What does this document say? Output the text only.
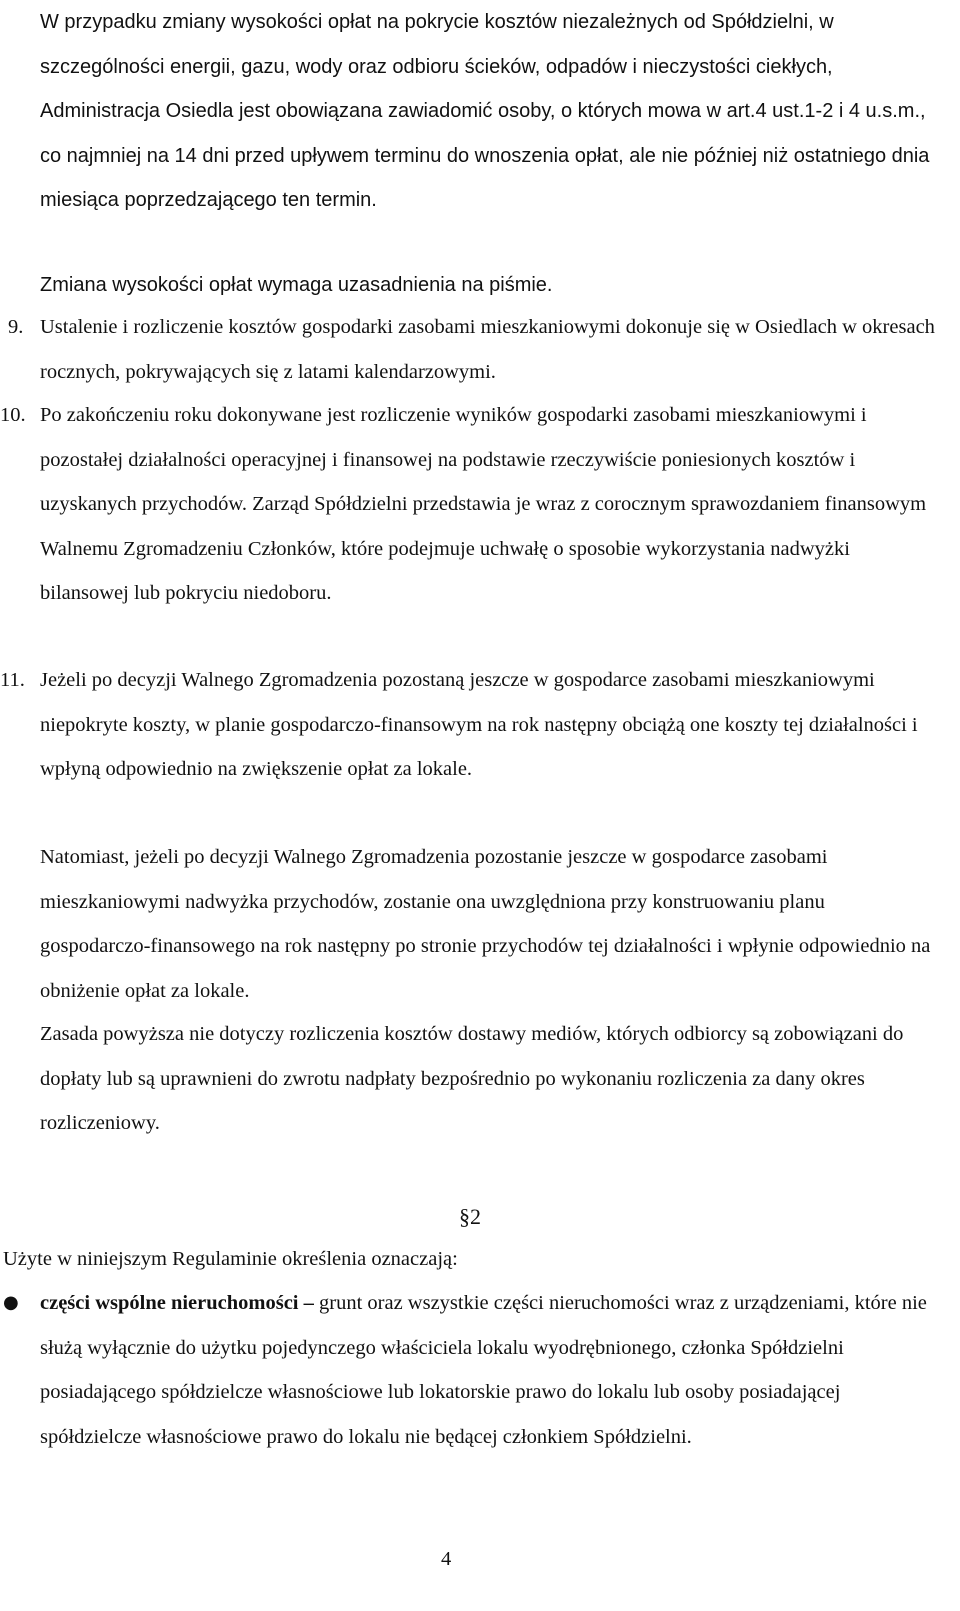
W przypadku zmiany wysokości opłat na pokrycie kosztów niezależnych od Spółdzielni, w szczególności energii, gazu, wody oraz odbioru ścieków, odpadów i nieczystości ciekłych, Administracja Osiedla jest obowiązana zawiadomić osoby, o których mowa w art.4 ust.1-2 i 4 u.s.m., co najmniej na 14 dni przed upływem terminu do wnoszenia opłat, ale nie później niż ostatniego dnia miesiąca poprzedzającego ten termin.

Zmiana wysokości opłat wymaga uzasadnienia na piśmie.

9. Ustalenie i rozliczenie kosztów gospodarki zasobami mieszkaniowymi dokonuje się w Osiedlach w okresach rocznych, pokrywających się z latami kalendarzowymi.

10. Po zakończeniu roku dokonywane jest rozliczenie wyników gospodarki zasobami mieszkaniowymi i pozostałej działalności operacyjnej i finansowej na podstawie rzeczywiście poniesionych kosztów i uzyskanych przychodów. Zarząd Spółdzielni przedstawia je wraz z corocznym sprawozdaniem finansowym Walnemu Zgromadzeniu Członków, które podejmuje uchwałę o sposobie wykorzystania nadwyżki bilansowej lub pokryciu niedoboru.

11. Jeżeli po decyzji Walnego Zgromadzenia pozostaną jeszcze w gospodarce zasobami mieszkaniowymi niepokryte koszty, w planie gospodarczo-finansowym na rok następny obciążą one koszty tej działalności i wpłyną odpowiednio na zwiększenie opłat za lokale.

Natomiast, jeżeli po decyzji Walnego Zgromadzenia pozostanie jeszcze w gospodarce zasobami mieszkaniowymi nadwyżka przychodów, zostanie ona uwzględniona przy konstruowaniu planu gospodarczo-finansowego na rok następny po stronie przychodów tej działalności i wpłynie odpowiednio na obniżenie opłat za lokale.

Zasada powyższa nie dotyczy rozliczenia kosztów dostawy mediów, których odbiorcy są zobowiązani do dopłaty lub są uprawnieni do zwrotu nadpłaty bezpośrednio po wykonaniu rozliczenia za dany okres rozliczeniowy.

§2
Użyte w niniejszym Regulaminie określenia oznaczają:
● części wspólne nieruchomości – grunt oraz wszystkie części nieruchomości wraz z urządzeniami, które nie służą wyłącznie do użytku pojedynczego właściciela lokalu wyodrębnionego, członka Spółdzielni posiadającego spółdzielcze własnościowe lub lokatorskie prawo do lokalu lub osoby posiadającej spółdzielcze własnościowe prawo do lokalu nie będącej członkiem Spółdzielni.

4
